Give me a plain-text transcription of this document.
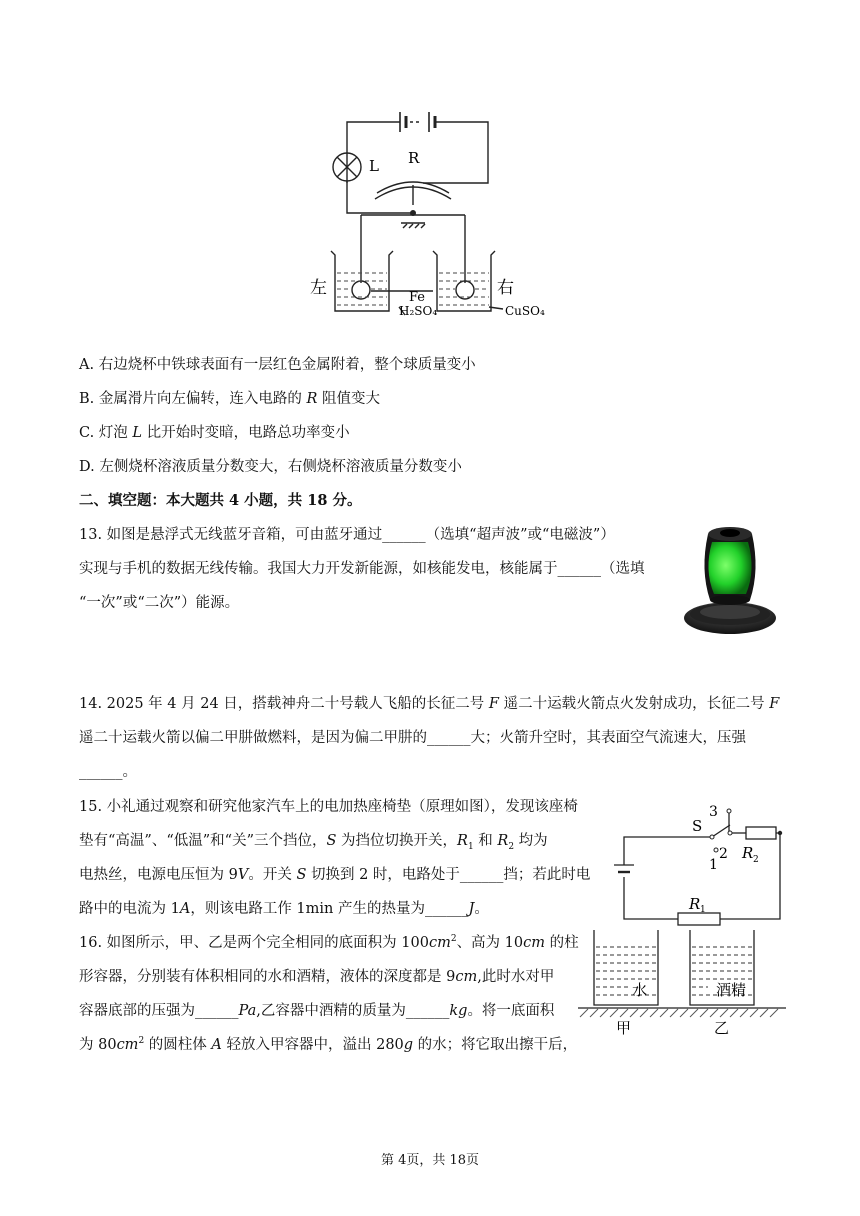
L R
左	右
Fe
H₂SO₄	CuSO₄
A. 右边烧杯中铁球表面有一层红色金属附着，整个球质量变小
B. 金属滑片向左偏转，连入电路的 R 阻值变大
C. 灯泡 L 比开始时变暗，电路总功率变小
D. 左侧烧杯溶液质量分数变大，右侧烧杯溶液质量分数变小
二、填空题：本大题共 4 小题，共 18 分。
13. 如图是悬浮式无线蓝牙音箱，可由蓝牙通过______（选填“超声波”或“电磁波”）
实现与手机的数据无线传输。我国大力开发新能源，如核能发电，核能属于______（选填
“一次”或“二次”）能源。
14. 2025 年 4 月 24 日，搭载神舟二十号载人飞船的长征二号 F 遥二十运载火箭点火发射成功，长征二号 F
遥二十运载火箭以偏二甲肼做燃料，是因为偏二甲肼的______大；火箭升空时，其表面空气流速大，压强
______。
15. 小礼通过观察和研究他家汽车上的电加热座椅垫（原理如图），发现该座椅
垫有“高温”、“低温”和“关”三个挡位，S 为挡位切换开关，$R_1$ 和 $R_2$ 均为
电热丝，电源电压恒为 9V。开关 S 切换到 2 时，电路处于______挡；若此时电
路中的电流为 1A，则该电路工作 1min 产生的热量为______J。
S
1
2
3
R 2
R 1
16. 如图所示，甲、乙是两个完全相同的底面积为 $100cm^2$、高为 10cm 的柱
形容器，分别装有体积相同的水和酒精，液体的深度都是 9cm,此时水对甲
容器底部的压强为______Pa,乙容器中酒精的质量为______kg。将一底面积
为 $80cm^2$ 的圆柱体 A 轻放入甲容器中，溢出 280g 的水；将它取出擦干后，
水	酒精
甲	乙
第 4页，共 18页
